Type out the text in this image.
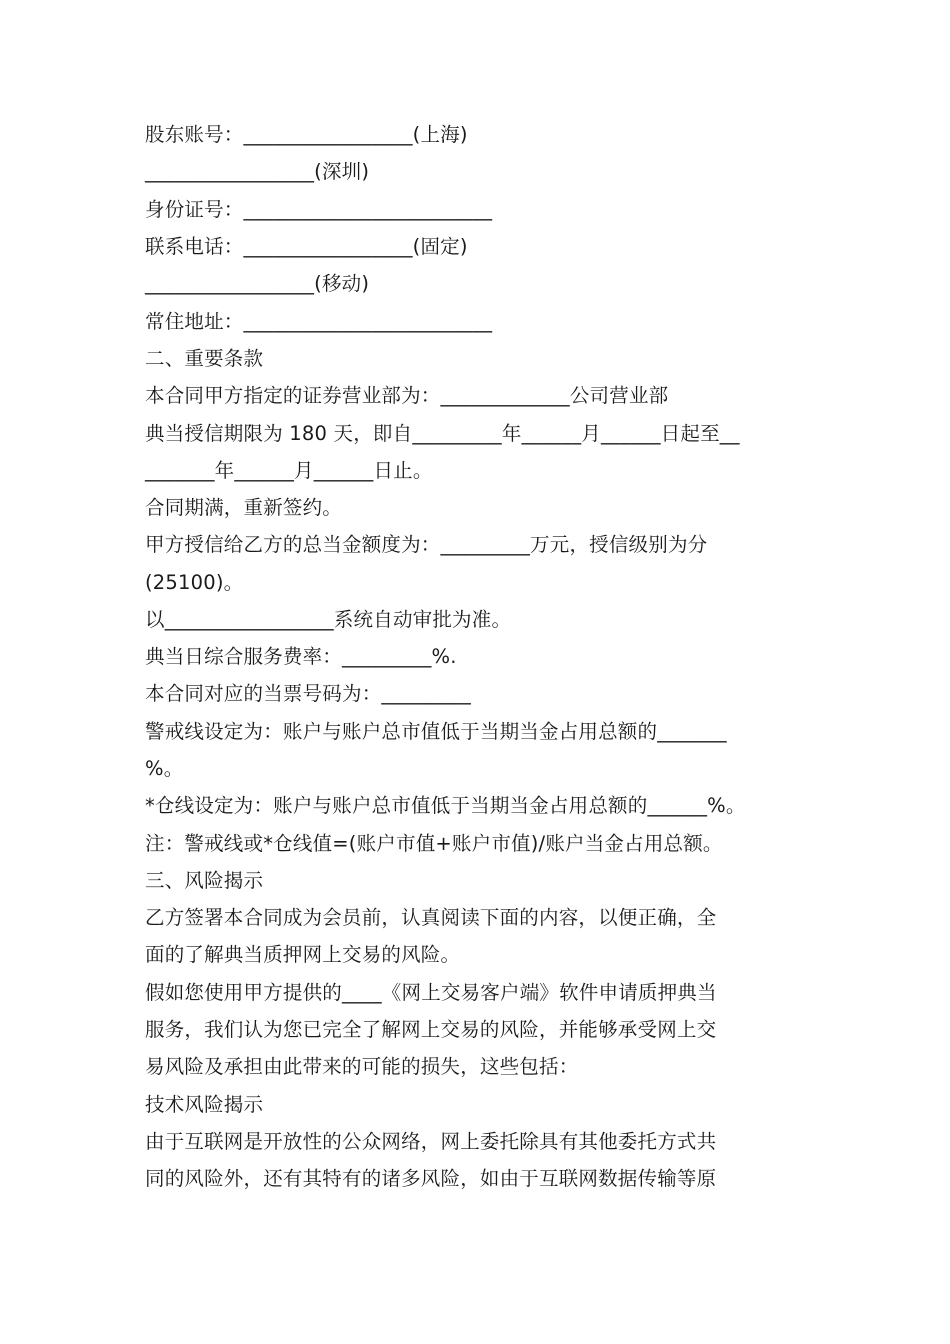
股东账号：_________________(上海)
_________________(深圳)
身份证号：_________________________
联系电话：_________________(固定)
_________________(移动)
常住地址：_________________________
二、重要条款
本合同甲方指定的证券营业部为：_____________公司营业部
典当授信期限为 180 天，即自_________年______月______日起至__
_______年______月______日止。
合同期满，重新签约。
甲方授信给乙方的总当金额度为：_________万元，授信级别为分
(25100)。
以_________________系统自动审批为准。
典当日综合服务费率：_________%.
本合同对应的当票号码为：_________
警戒线设定为：账户与账户总市值低于当期当金占用总额的_______
%。
*仓线设定为：账户与账户总市值低于当期当金占用总额的______%。
注：警戒线或*仓线值=(账户市值+账户市值)/账户当金占用总额。
三、风险揭示
乙方签署本合同成为会员前，认真阅读下面的内容，以便正确，全
面的了解典当质押网上交易的风险。
假如您使用甲方提供的____《网上交易客户端》软件申请质押典当
服务，我们认为您已完全了解网上交易的风险，并能够承受网上交
易风险及承担由此带来的可能的损失，这些包括：
技术风险揭示
由于互联网是开放性的公众网络，网上委托除具有其他委托方式共
同的风险外，还有其特有的诸多风险，如由于互联网数据传输等原
